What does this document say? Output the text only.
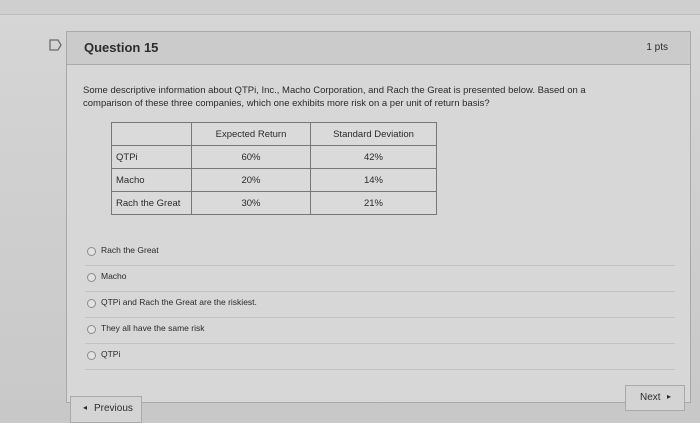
Question 15	1 pts
Some descriptive information about QTPi, Inc., Macho Corporation, and Rach the Great is presented below. Based on a
comparison of these three companies, which one exhibits more risk on a per unit of return basis?
	Expected Return	Standard Deviation
QTPi	60%	42%
Macho	20%	14%
Rach the Great	30%	21%
Rach the Great
Macho
QTPi and Rach the Great are the riskiest.
They all have the same risk
QTPi
◂ Previous
Next ▸
